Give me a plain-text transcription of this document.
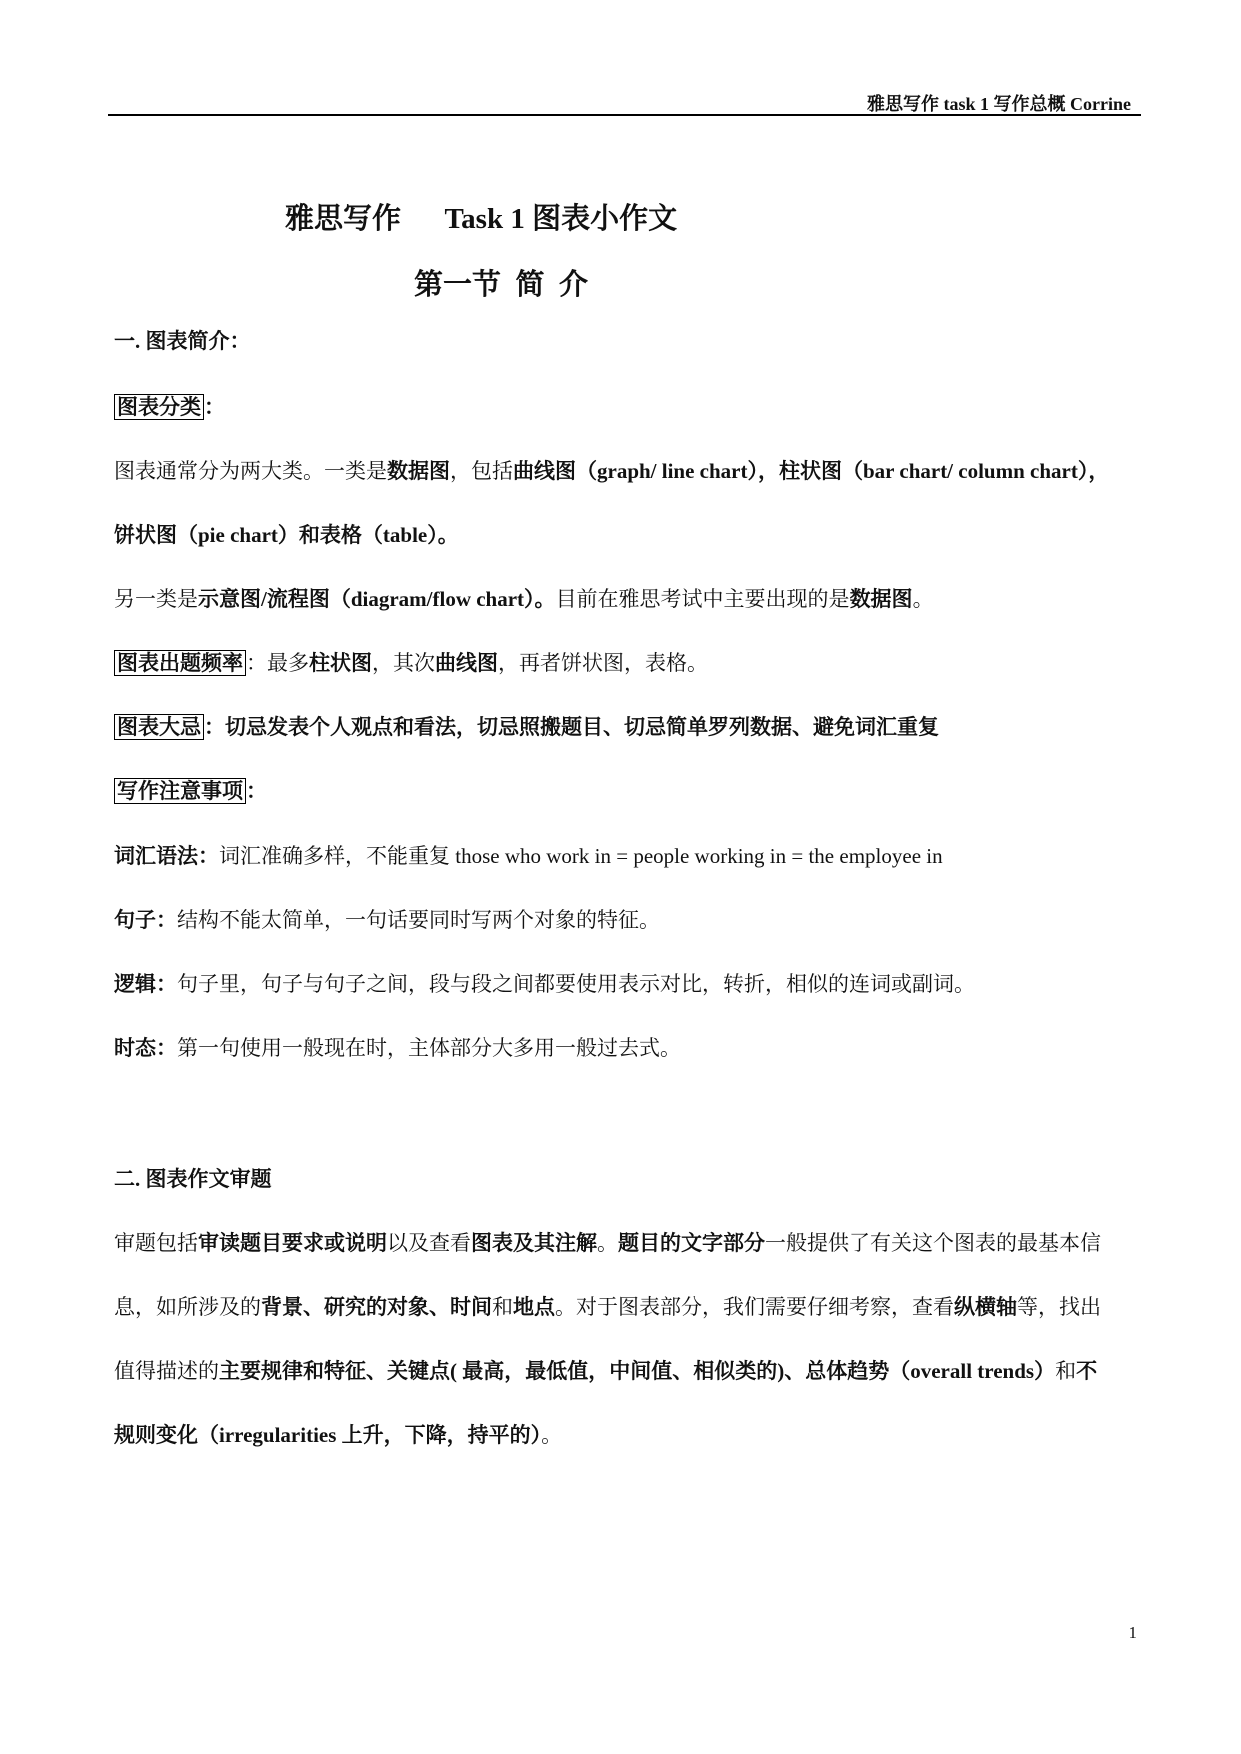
雅思写作 task 1 写作总概 Corrine
雅思写作      Task 1 图表小作文
第一节  简  介
一. 图表简介：
图表分类 ：
图表通常分为两大类。一类是数据图，包括曲线图（graph/ line chart），柱状图（bar chart/ column chart），
饼状图（pie chart）和表格（table）。
另一类是示意图/流程图（diagram/flow chart）。目前在雅思考试中主要出现的是数据图。
图表出题频率 ：最多柱状图，其次曲线图，再者饼状图，表格。
图表大忌 ：切忌发表个人观点和看法，切忌照搬题目、切忌简单罗列数据、避免词汇重复
写作注意事项 ：
词汇语法：词汇准确多样，不能重复 those who work in = people working in = the employee in
句子：结构不能太简单，一句话要同时写两个对象的特征。
逻辑：句子里，句子与句子之间，段与段之间都要使用表示对比，转折，相似的连词或副词。
时态：第一句使用一般现在时，主体部分大多用一般过去式。
二. 图表作文审题
审题包括审读题目要求或说明以及查看图表及其注解。题目的文字部分一般提供了有关这个图表的最基本信
息，如所涉及的背景、研究的对象、时间和地点。对于图表部分，我们需要仔细考察，查看纵横轴等，找出
值得描述的主要规律和特征、关键点( 最高，最低值，中间值、相似类的)、总体趋势（overall trends）和不
规则变化（irregularities 上升，下降，持平的）。
1
